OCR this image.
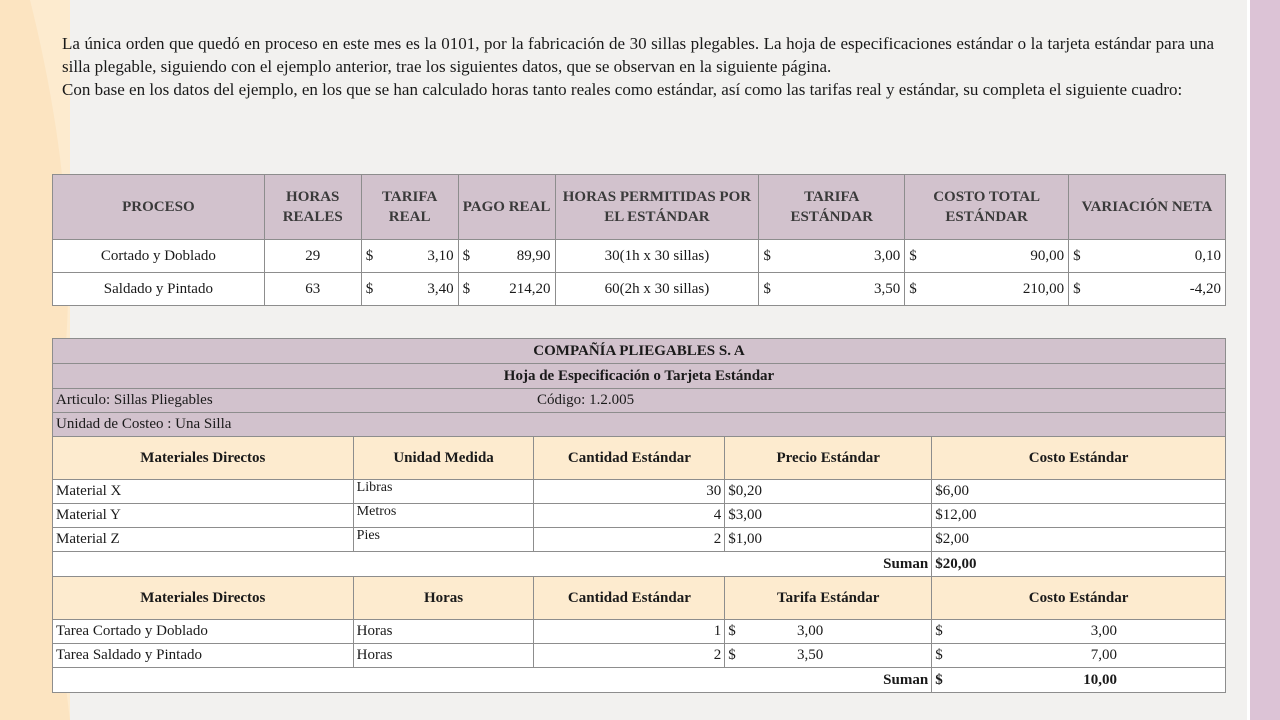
La única orden que quedó en proceso en este mes es la 0101, por la fabricación de 30 sillas plegables. La hoja de especificaciones estándar o la tarjeta estándar para una silla plegable, siguiendo con el ejemplo anterior, trae los siguientes datos, que se observan en la siguiente página.

Con base en los datos del ejemplo, en los que se han calculado horas tanto reales como estándar, así como las tarifas real y estándar, su completa el siguiente cuadro:

PROCESO	HORAS REALES	TARIFA REAL	PAGO REAL	HORAS PERMITIDAS POR EL ESTÁNDAR	TARIFA ESTÁNDAR	COSTO TOTAL ESTÁNDAR	VARIACIÓN NETA
Cortado y Doblado	29	$ 3,10	$ 89,90	30(1h x 30 sillas)	$ 3,00	$ 90,00	$ 0,10
Saldado y Pintado	63	$ 3,40	$ 214,20	60(2h x 30 sillas)	$ 3,50	$ 210,00	$ -4,20
COMPAÑÍA PLIEGABLES S. A				
Hoja de Especificación o Tarjeta Estándar				
Articulo: Sillas Pliegables		Código: 1.2.005		
Unidad de Costeo : Una Silla				
Materiales Directos	Unidad Medida	Cantidad Estándar	Precio Estándar	Costo Estándar
Material X	Libras	30	$0,20	$6,00
Material Y	Metros	4	$3,00	$12,00
Material Z	Pies	2	$1,00	$2,00
Suman				$20,00
Materiales Directos	Horas	Cantidad Estándar	Tarifa Estándar	Costo Estándar
Tarea Cortado y Doblado	Horas	1	$ 3,00	$ 3,00
Tarea Saldado y Pintado	Horas	2	$ 3,50	$ 7,00
Suman				$ 10,00
